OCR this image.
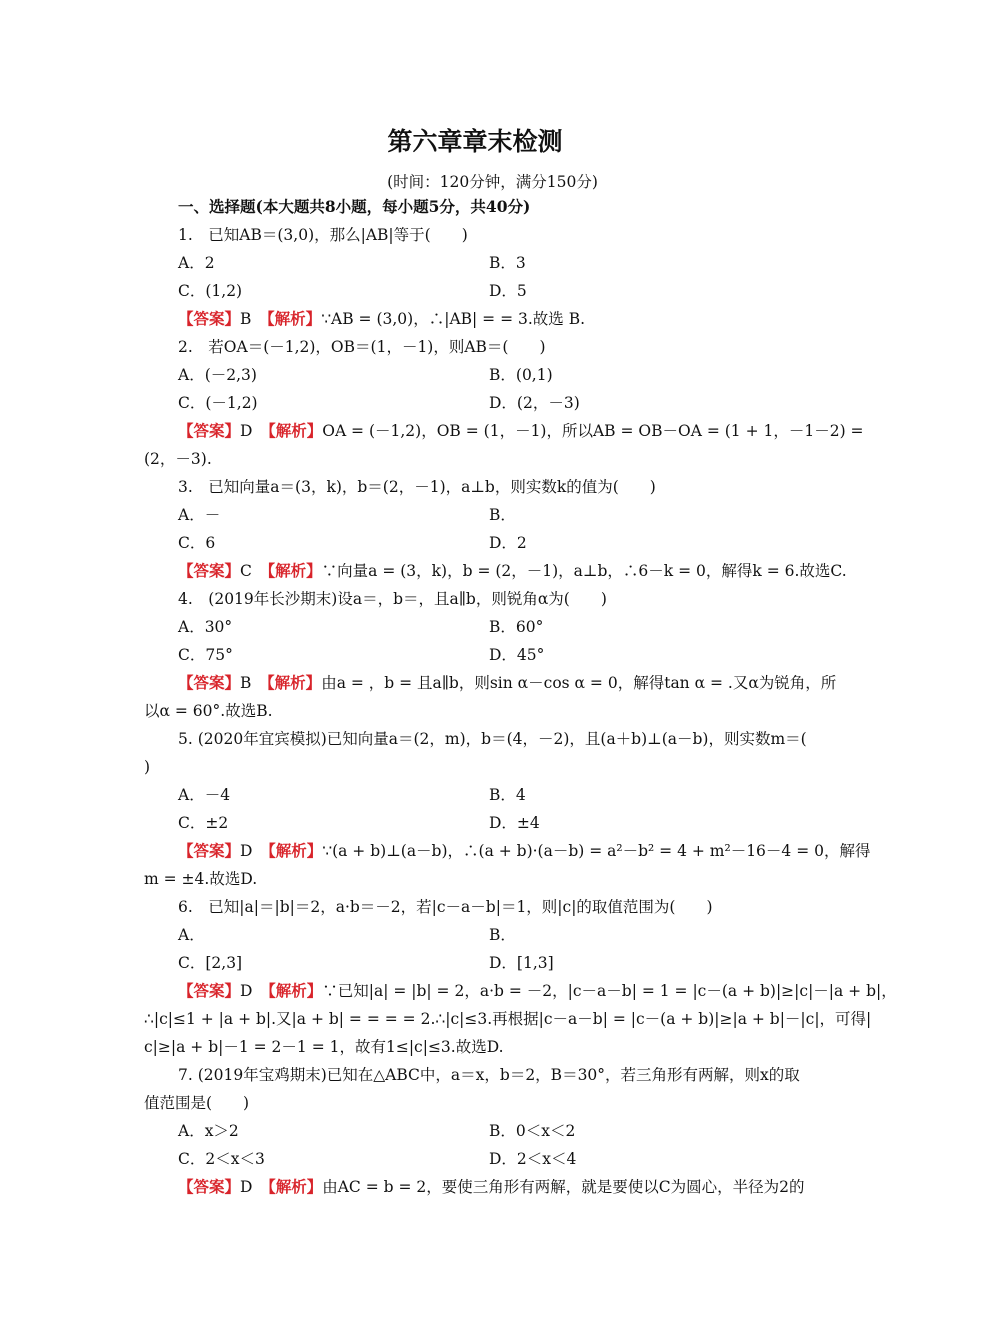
第六章章末检测
(时间：120分钟，满分150分)
一、选择题(本大题共8小题，每小题5分，共40分)
1.　已知AB＝(3,0)，那么|AB|等于(　　)
A．2	B．3
C．(1,2)	D．5
【答案】B　 【解析】∵AB = (3,0)，∴|AB| = = 3.故选 B.
2.　若OA＝(－1,2)，OB＝(1，－1)，则AB＝(　　)
A．(－2,3)	B．(0,1)
C．(－1,2)	D．(2，－3)
【答案】D　 【解析】OA = (－1,2)，OB = (1，－1)，所以AB = OB－OA = (1 + 1，－1－2) =
(2，－3).
3.　已知向量a＝(3，k)，b＝(2，－1)，a⊥b，则实数k的值为(　　)
A．－	B．
C．6	D．2
【答案】C　 【解析】∵向量a = (3，k)，b = (2，－1)，a⊥b，∴6－k = 0，解得k = 6.故选C.
4.　(2019年长沙期末)设a＝，b＝，且a∥b，则锐角α为(　　)
A．30°	B．60°
C．75°	D．45°
【答案】B　 【解析】由a = ，b = 且a∥b，则sin α－cos α = 0，解得tan α = .又α为锐角，所
以α = 60°.故选B.
5. (2020年宜宾模拟)已知向量a＝(2，m)，b＝(4，－2)，且(a＋b)⊥(a－b)，则实数m＝(
)
A．－4	B．4
C．±2	D．±4
【答案】D　 【解析】∵(a + b)⊥(a－b)，∴(a + b)·(a－b) = a²－b² = 4 + m²－16－4 = 0，解得
m = ±4.故选D.
6.　已知|a|＝|b|＝2，a·b＝－2，若|c－a－b|＝1，则|c|的取值范围为(　　)
A．	B．
C．[2,3]	D．[1,3]
【答案】D　 【解析】∵已知|a| = |b| = 2，a·b = －2，|c－a－b| = 1 = |c－(a + b)|≥|c|－|a + b|，
∴|c|≤1 + |a + b|.又|a + b| = = = = 2.∴|c|≤3.再根据|c－a－b| = |c－(a + b)|≥|a + b|－|c|，可得|
c|≥|a + b|－1 = 2－1 = 1，故有1≤|c|≤3.故选D.
7. (2019年宝鸡期末)已知在△ABC中，a＝x，b＝2，B＝30°，若三角形有两解，则x的取
值范围是(　　)
A．x＞2	B．0＜x＜2
C．2＜x＜3	D．2＜x＜4
【答案】D　 【解析】由AC = b = 2，要使三角形有两解，就是要使以C为圆心，半径为2的
